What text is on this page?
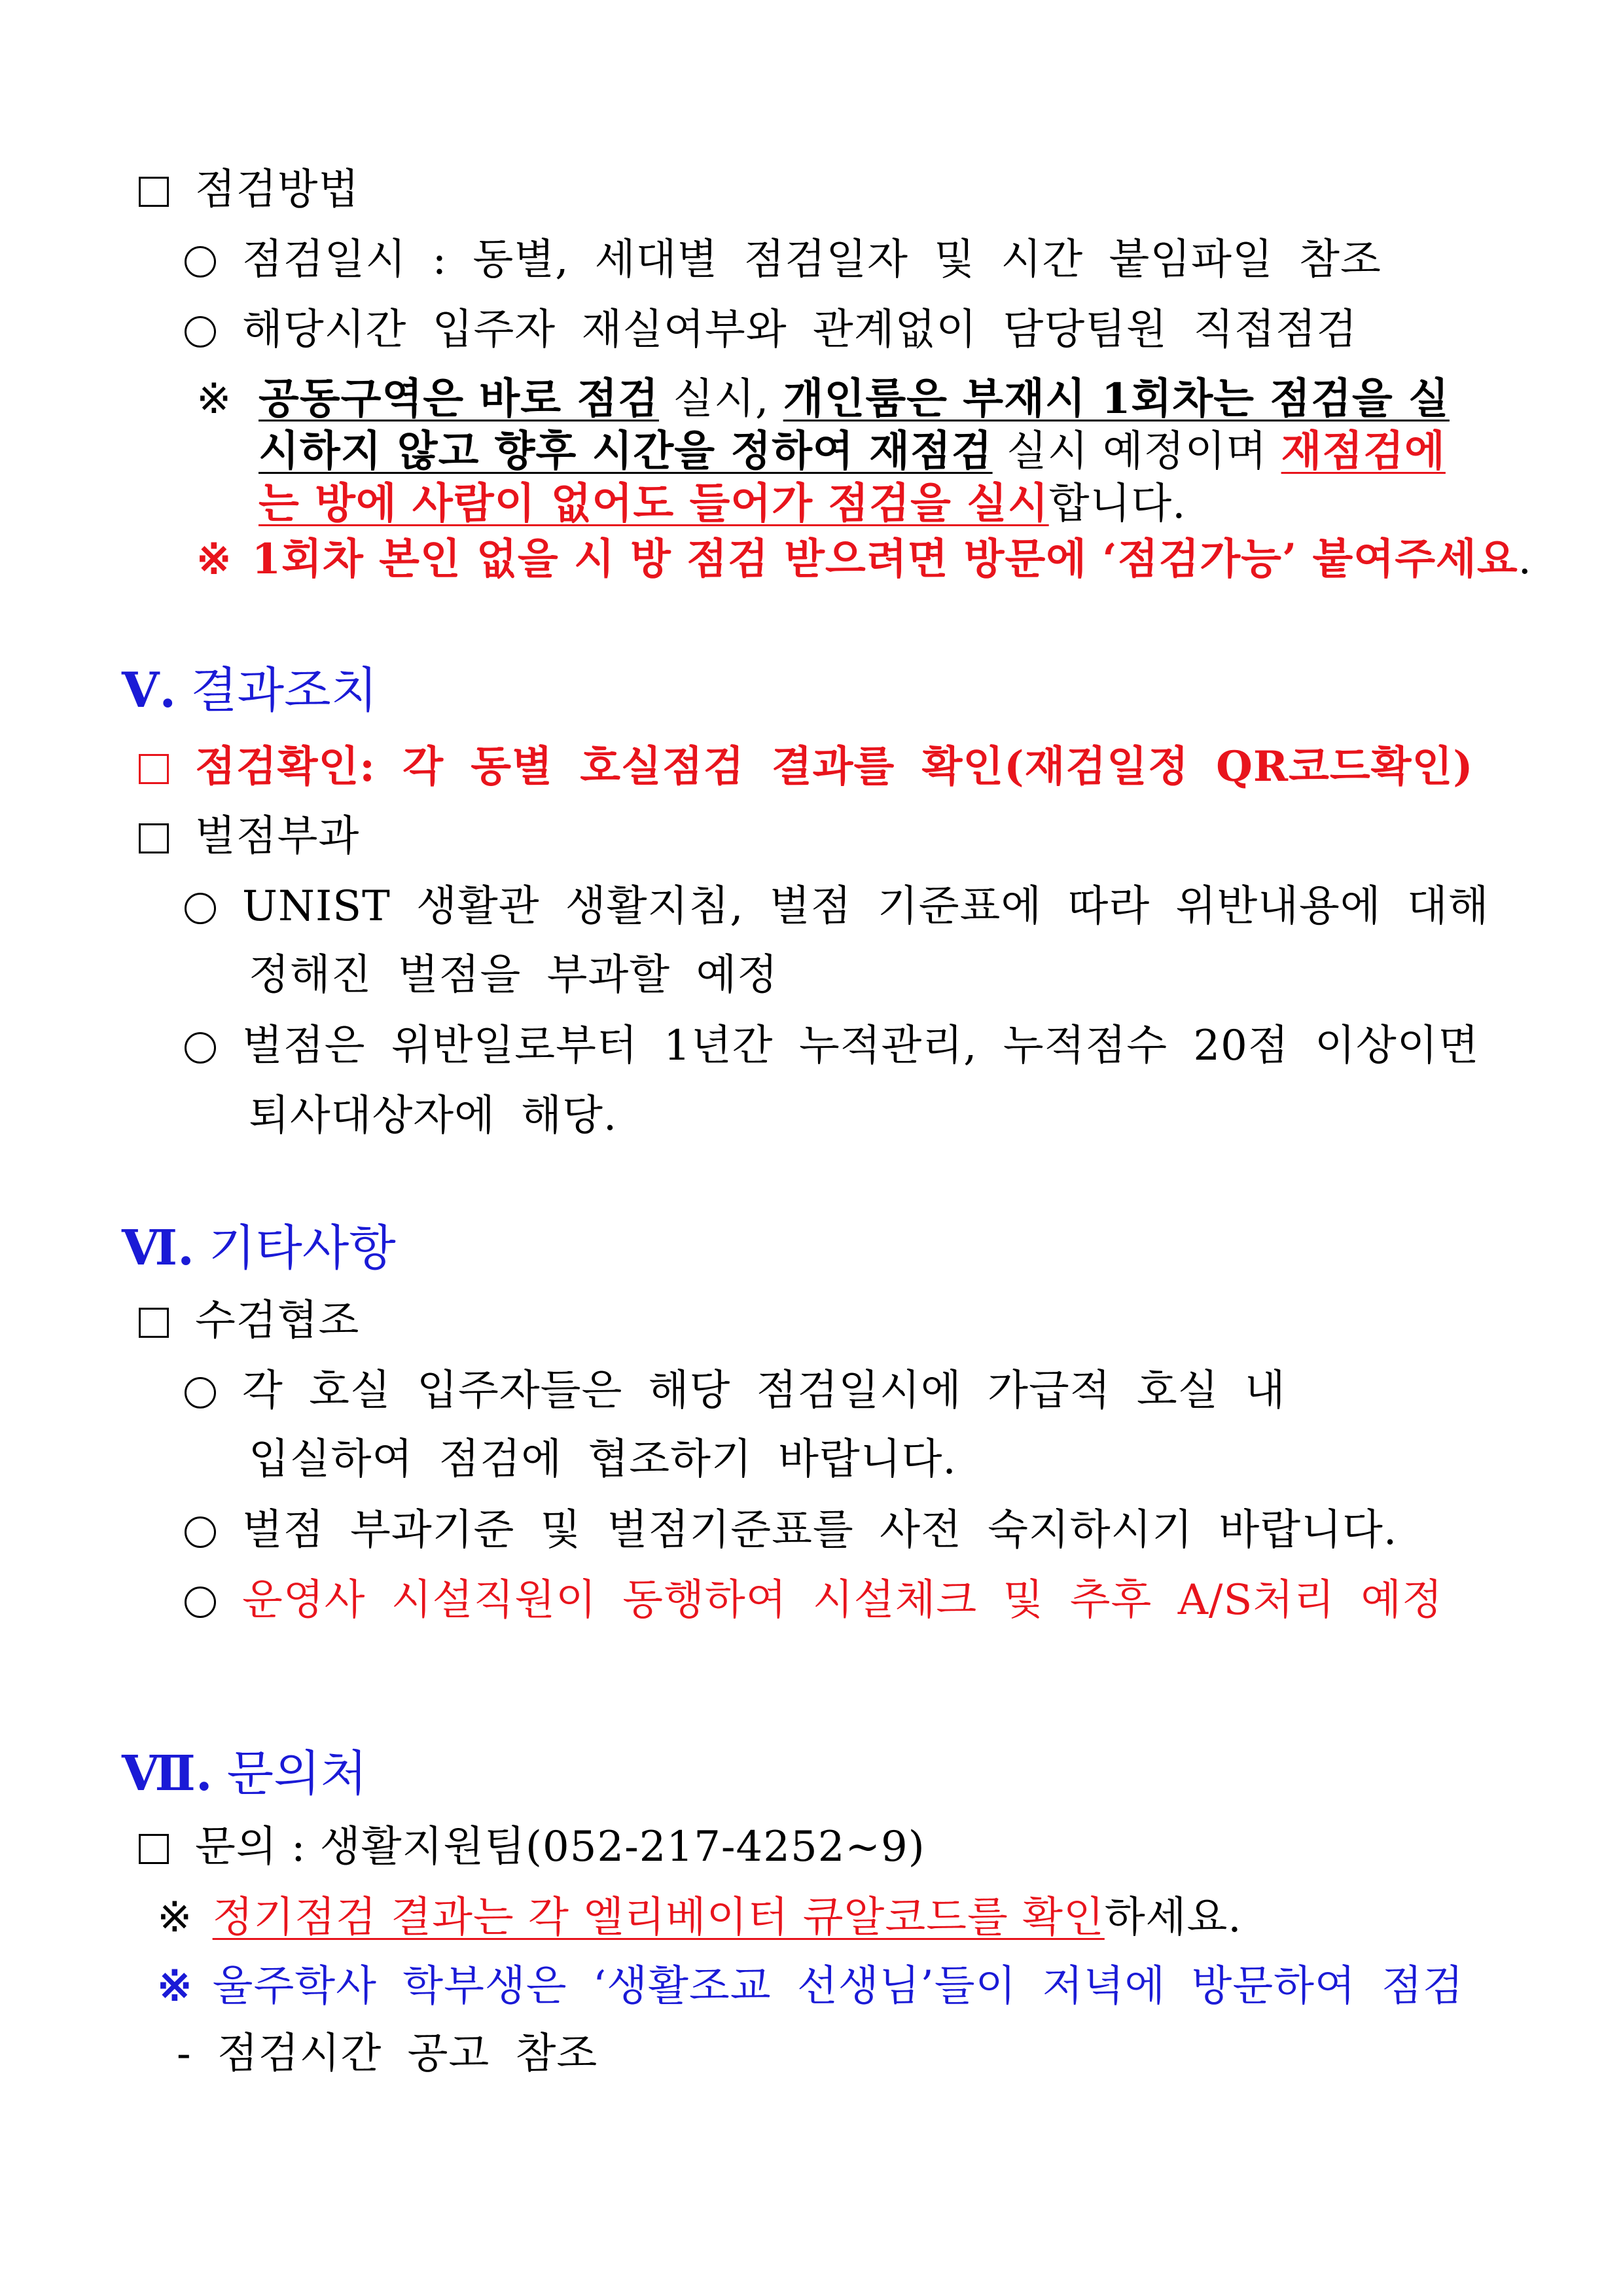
점검방법
점검일시 : 동별, 세대별 점검일자 및 시간 붙임파일 참조
해당시간 입주자 재실여부와 관계없이 담당팀원 직접점검
※ 공동구역은 바로 점검 실시, 개인룸은 부재시 1회차는 점검을 실
시하지 않고 향후 시간을 정하여 재점검 실시 예정이며 재점검에
는 방에 사람이 없어도 들어가 점검을 실시합니다.
※ 1회차 본인 없을 시 방 점검 받으려면 방문에 ‘점검가능’ 붙여주세요.
Ⅴ. 결과조치
점검확인: 각 동별 호실점검 결과를 확인(재검일정 QR코드확인)
벌점부과
UNIST 생활관 생활지침, 벌점 기준표에 따라 위반내용에 대해
정해진 벌점을 부과할 예정
벌점은 위반일로부터 1년간 누적관리, 누적점수 20점 이상이면
퇴사대상자에 해당.
Ⅵ. 기타사항
수검협조
각 호실 입주자들은 해당 점검일시에 가급적 호실 내
입실하여 점검에 협조하기 바랍니다.
벌점 부과기준 및 벌점기준표를 사전 숙지하시기 바랍니다.
운영사 시설직원이 동행하여 시설체크 및 추후 A/S처리 예정
Ⅶ. 문의처
문의 : 생활지원팀(052-217-4252~9)
※ 정기점검 결과는 각 엘리베이터 큐알코드를 확인하세요.
※ 울주학사 학부생은 ‘생활조교 선생님’들이 저녁에 방문하여 점검
- 점검시간 공고 참조
